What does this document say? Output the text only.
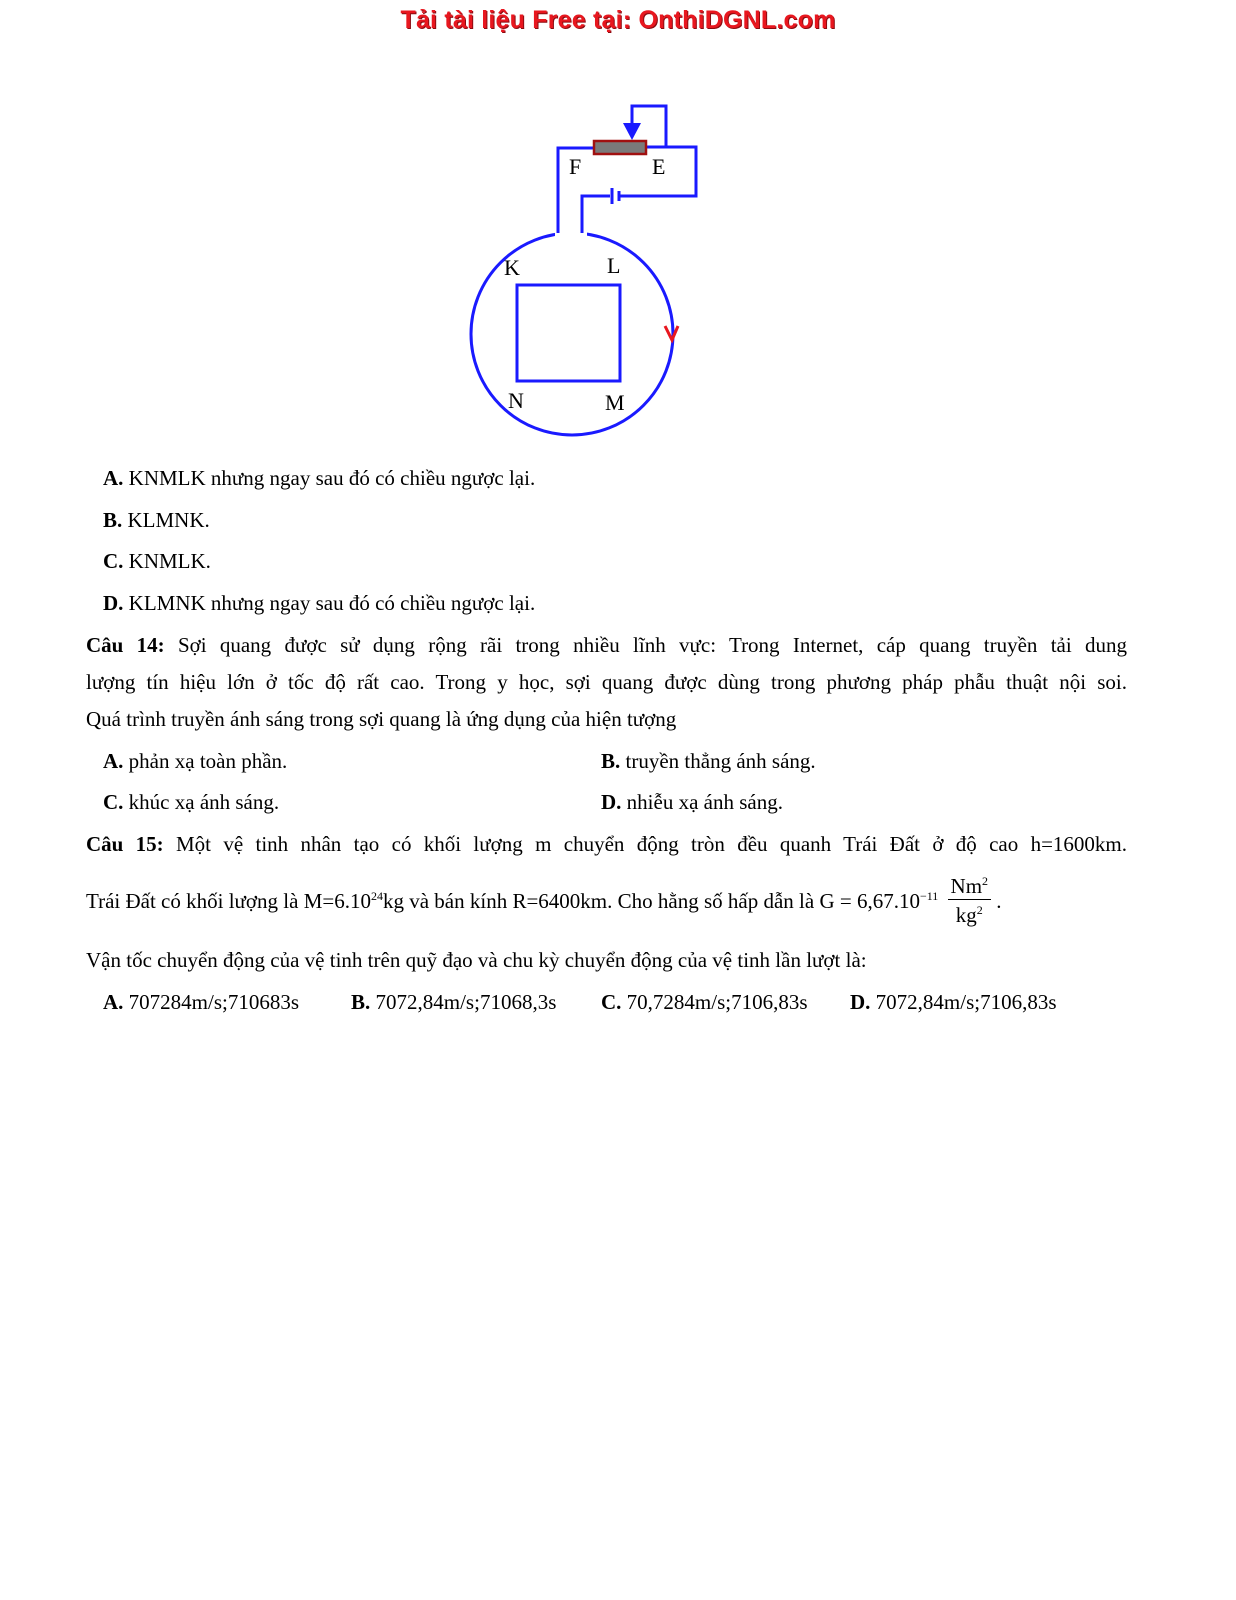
Tải tài liệu Free tại: OnthiDGNL.com
F	E
K	L
N	M
A. KNMLK nhưng ngay sau đó có chiều ngược lại.
B. KLMNK.
C. KNMLK.
D. KLMNK nhưng ngay sau đó có chiều ngược lại.
Câu 14: Sợi quang được sử dụng rộng rãi trong nhiều lĩnh vực: Trong Internet, cáp quang truyền tải dung
lượng tín hiệu lớn ở tốc độ rất cao. Trong y học, sợi quang được dùng trong phương pháp phẫu thuật nội soi.
Quá trình truyền ánh sáng trong sợi quang là ứng dụng của hiện tượng
A. phản xạ toàn phần.	B. truyền thẳng ánh sáng.
C. khúc xạ ánh sáng.	D. nhiễu xạ ánh sáng.
Câu 15: Một vệ tinh nhân tạo có khối lượng m chuyển động tròn đều quanh Trái Đất ở độ cao h=1600km.
Trái Đất có khối lượng là $M=6.10^{24}kg$ và bán kính R=6400km. Cho hằng số hấp dẫn là $G = 6,67.10^{-11} \frac{Nm^2}{kg^2}$ .
Vận tốc chuyển động của vệ tinh trên quỹ đạo và chu kỳ chuyển động của vệ tinh lần lượt là:
A. 707284m/s;710683s B. 7072,84m/s;71068,3s C. 70,7284m/s;7106,83s D. 7072,84m/s;7106,83s
